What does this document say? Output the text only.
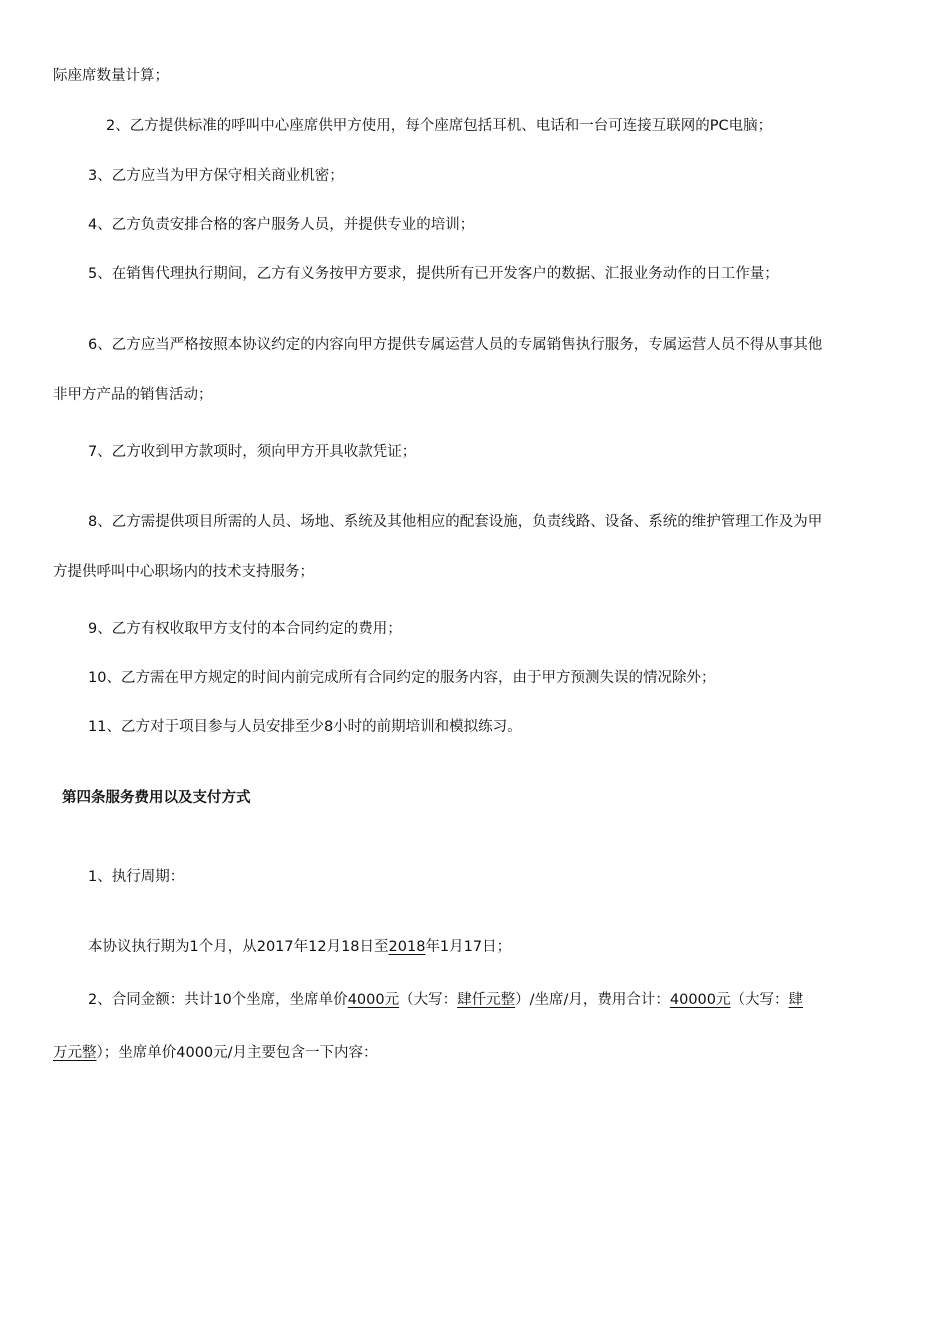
际座席数量计算；
2、乙方提供标准的呼叫中心座席供甲方使用，每个座席包括耳机、电话和一台可连接互联网的PC电脑；
3、乙方应当为甲方保守相关商业机密；
4、乙方负责安排合格的客户服务人员，并提供专业的培训；
5、在销售代理执行期间，乙方有义务按甲方要求，提供所有已开发客户的数据、汇报业务动作的日工作量；
6、乙方应当严格按照本协议约定的内容向甲方提供专属运营人员的专属销售执行服务，专属运营人员不得从事其他
非甲方产品的销售活动；
7、乙方收到甲方款项时，须向甲方开具收款凭证；
8、乙方需提供项目所需的人员、场地、系统及其他相应的配套设施，负责线路、设备、系统的维护管理工作及为甲
方提供呼叫中心职场内的技术支持服务；
9、乙方有权收取甲方支付的本合同约定的费用；
10、乙方需在甲方规定的时间内前完成所有合同约定的服务内容，由于甲方预测失误的情况除外；
11、乙方对于项目参与人员安排至少8小时的前期培训和模拟练习。
第四条服务费用以及支付方式
1、执行周期：
本协议执行期为1个月，从2017年12月18日至2018年1月17日；
2、合同金额：共计10个坐席，坐席单价4000元（大写：肆仟元整）/坐席/月，费用合计：40000元（大写：肆
万元整）；坐席单价4000元/月主要包含一下内容：
